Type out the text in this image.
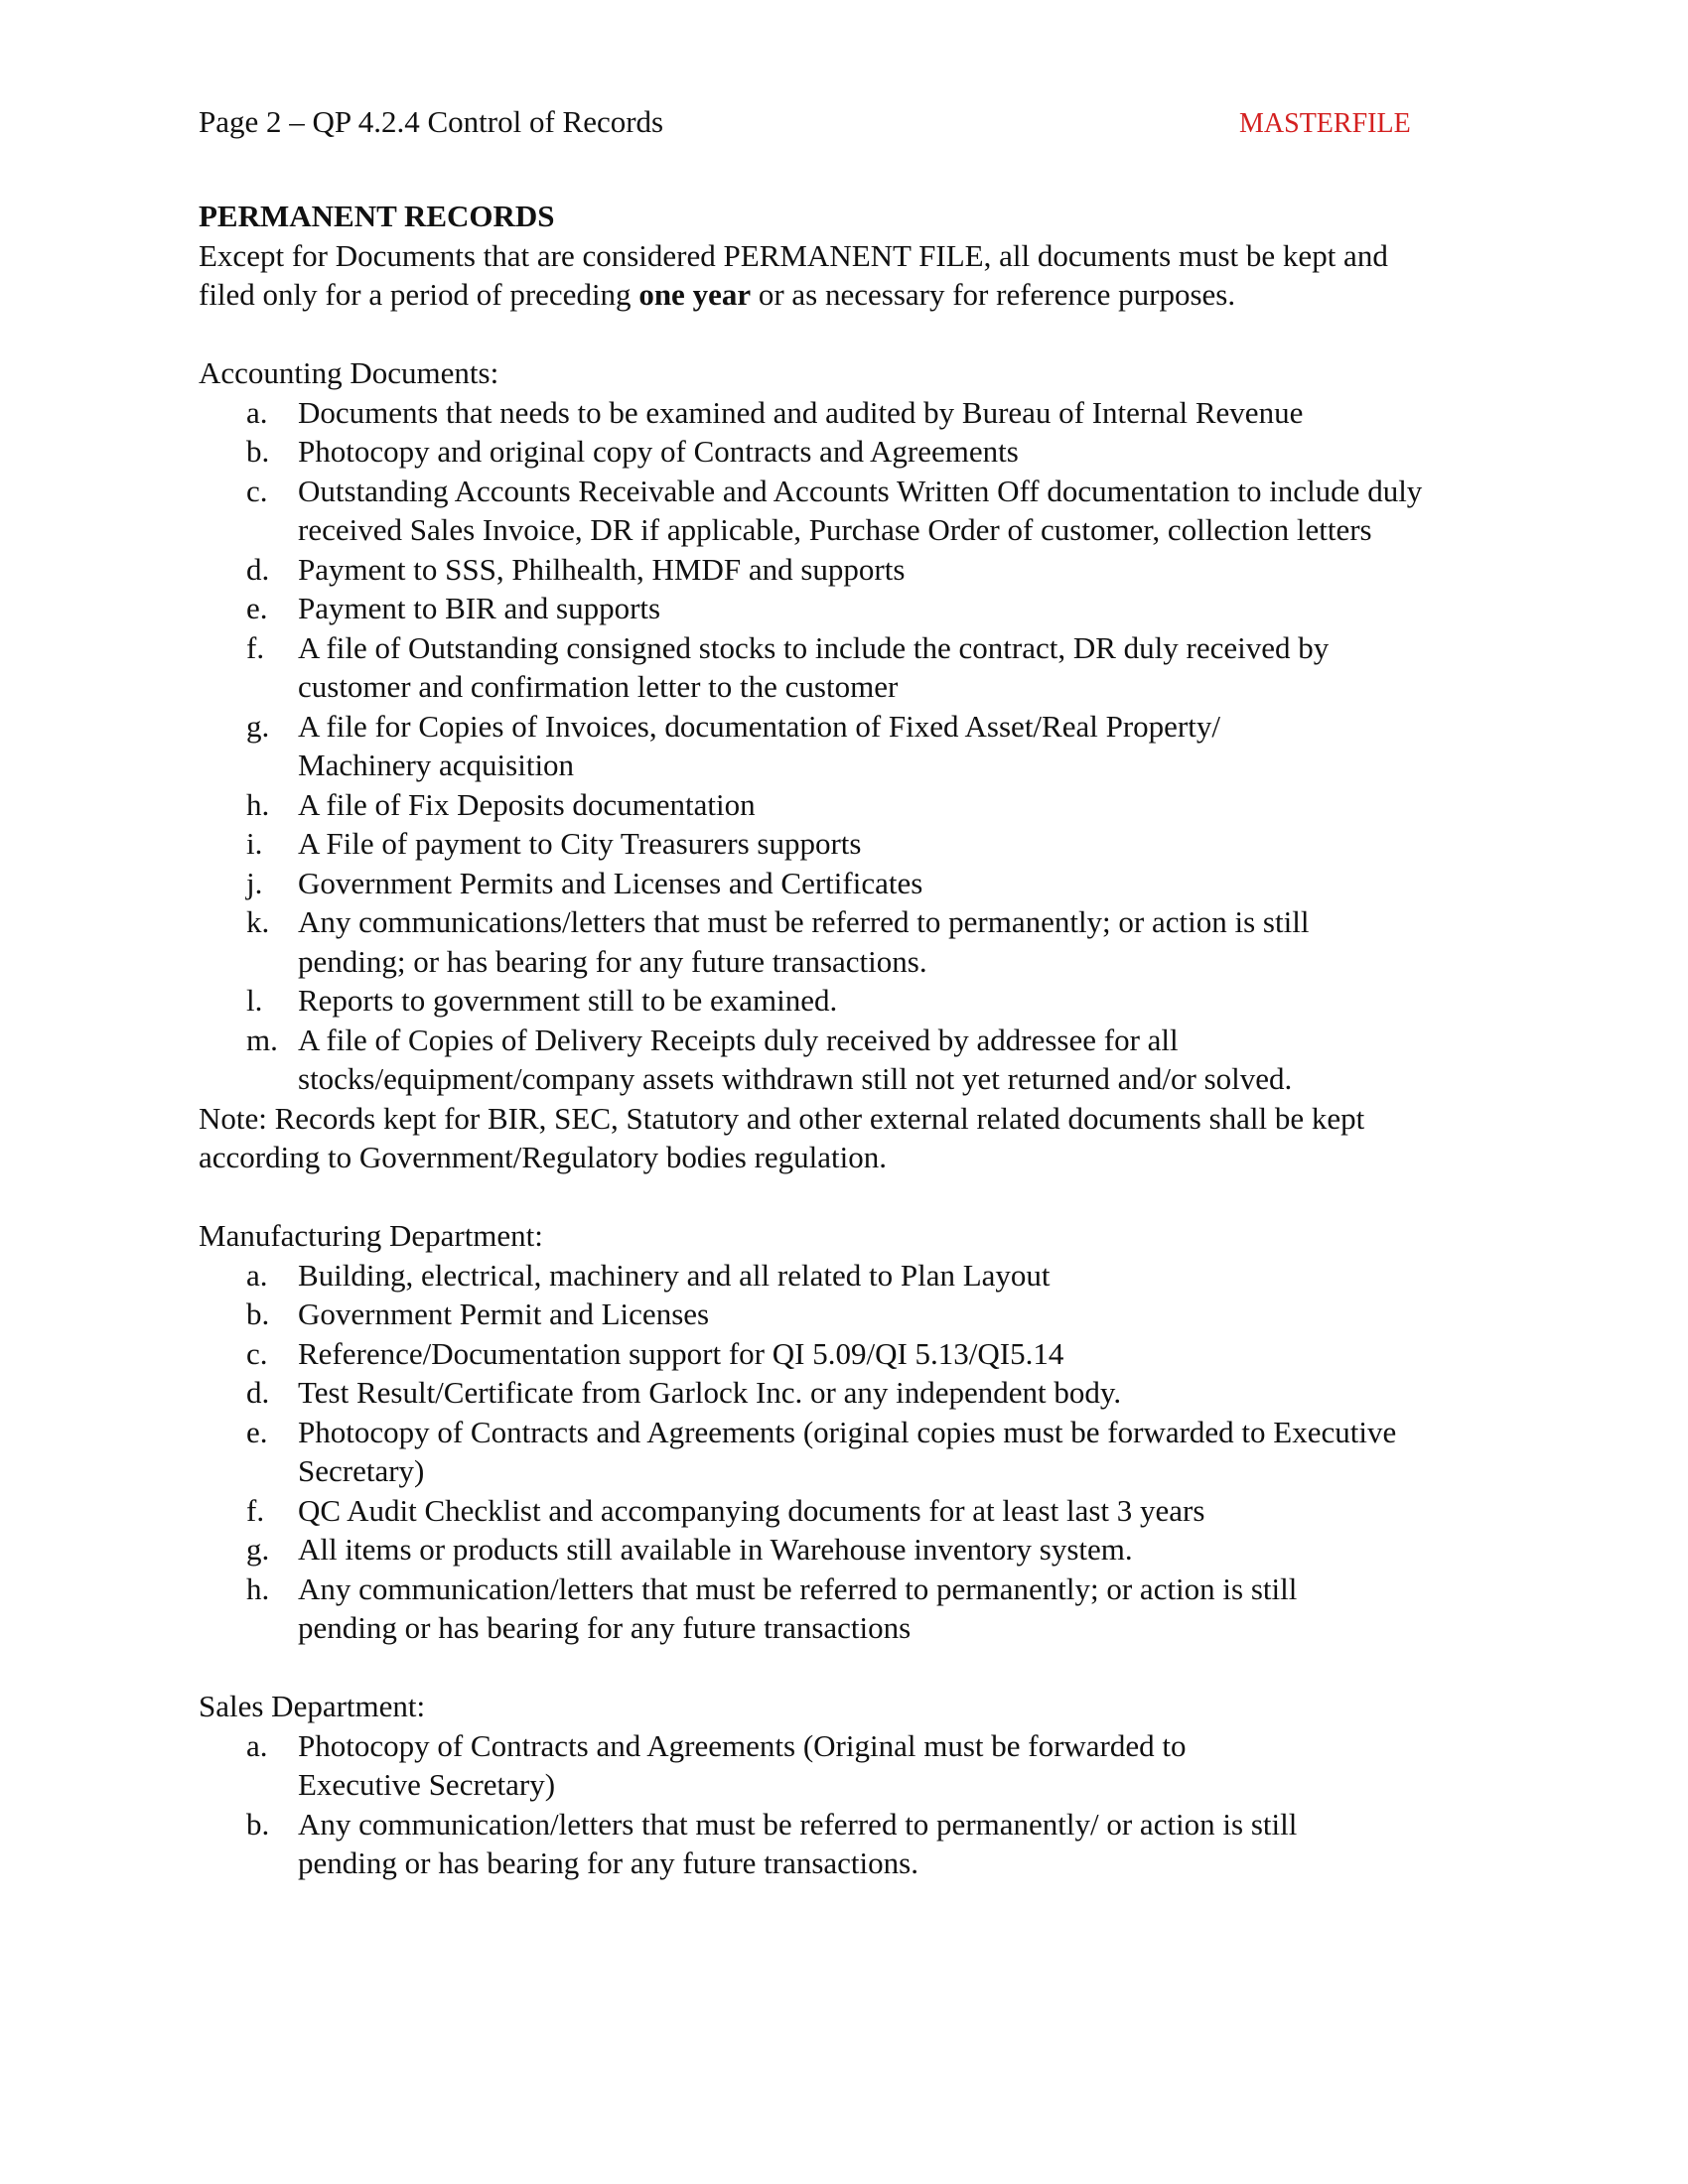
Page 2 – QP 4.2.4 Control of Records	MASTERFILE

PERMANENT RECORDS

Except for Documents that are considered PERMANENT FILE, all documents must be kept and

filed only for a period of preceding one year or as necessary for reference purposes.

Accounting Documents:

a. Documents that needs to be examined and audited by Bureau of Internal Revenue
b. Photocopy and original copy of Contracts and Agreements
c. Outstanding Accounts Receivable and Accounts Written Off documentation to include duly received Sales Invoice, DR if applicable, Purchase Order of customer, collection letters
d. Payment to SSS, Philhealth, HMDF and supports
e. Payment to BIR and supports
f. A file of Outstanding consigned stocks to include the contract, DR duly received by customer and confirmation letter to the customer
g. A file for Copies of Invoices, documentation of Fixed Asset/Real Property/ Machinery acquisition
h. A file of Fix Deposits documentation
i. A File of payment to City Treasurers supports
j. Government Permits and Licenses and Certificates
k. Any communications/letters that must be referred to permanently; or action is still pending; or has bearing for any future transactions.
l. Reports to government still to be examined.
m. A file of Copies of Delivery Receipts duly received by addressee for all stocks/equipment/company assets withdrawn still not yet returned and/or solved.

Note: Records kept for BIR, SEC, Statutory and other external related documents shall be kept according to Government/Regulatory bodies regulation.

Manufacturing Department:

a. Building, electrical, machinery and all related to Plan Layout
b. Government Permit and Licenses
c. Reference/Documentation support for QI 5.09/QI 5.13/QI5.14
d. Test Result/Certificate from Garlock Inc. or any independent body.
e. Photocopy of Contracts and Agreements (original copies must be forwarded to Executive Secretary)
f. QC Audit Checklist and accompanying documents for at least last 3 years
g. All items or products still available in Warehouse inventory system.
h. Any communication/letters that must be referred to permanently; or action is still pending or has bearing for any future transactions

Sales Department:

a. Photocopy of Contracts and Agreements (Original must be forwarded to Executive Secretary)
b. Any communication/letters that must be referred to permanently/ or action is still pending or has bearing for any future transactions.
